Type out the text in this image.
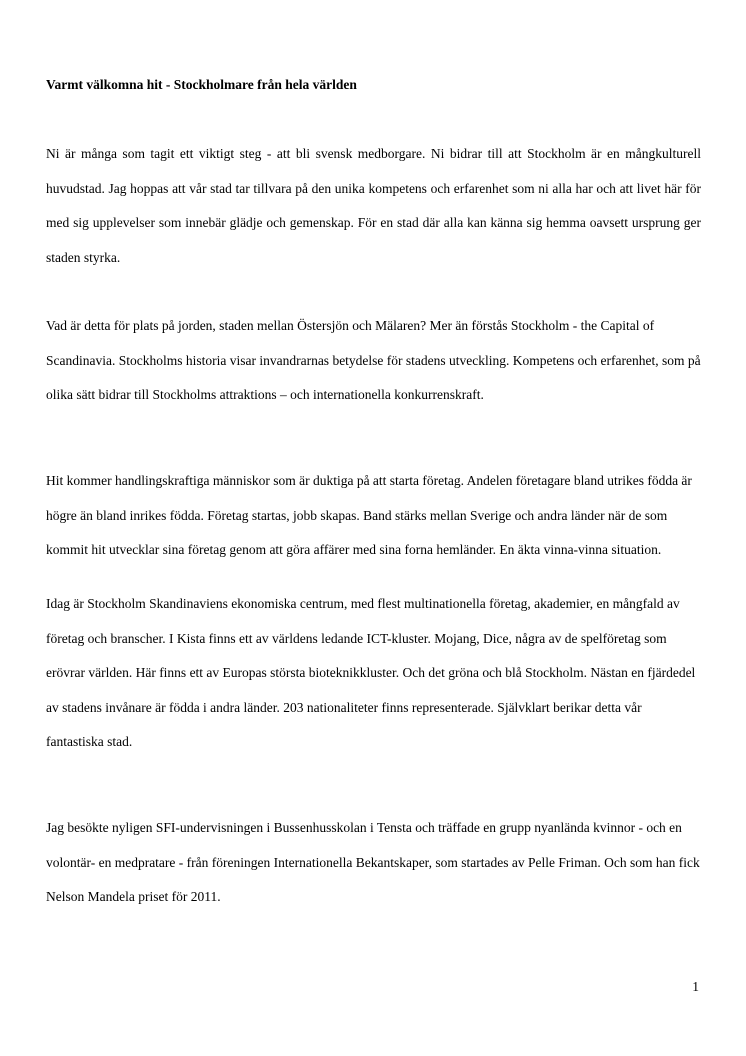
Varmt välkomna hit - Stockholmare från hela världen

Ni är många som tagit ett viktigt steg - att bli svensk medborgare. Ni bidrar till att Stockholm är en mångkulturell huvudstad. Jag hoppas att vår stad tar tillvara på den unika kompetens och erfarenhet som ni alla har och att livet här för med sig upplevelser som innebär glädje och gemenskap. För en stad där alla kan känna sig hemma oavsett ursprung ger staden styrka.

Vad är detta för plats på jorden, staden mellan Östersjön och Mälaren? Mer än förstås Stockholm - the Capital of Scandinavia. Stockholms historia visar invandrarnas betydelse för stadens utveckling. Kompetens och erfarenhet, som på olika sätt bidrar till Stockholms attraktions – och internationella konkurrenskraft.

Hit kommer handlingskraftiga människor som är duktiga på att starta företag. Andelen företagare bland utrikes födda är högre än bland inrikes födda. Företag startas, jobb skapas. Band stärks mellan Sverige och andra länder när de som kommit hit utvecklar sina företag genom att göra affärer med sina forna hemländer. En äkta vinna-vinna situation.

Idag är Stockholm Skandinaviens ekonomiska centrum, med flest multinationella företag, akademier, en mångfald av företag och branscher. I Kista finns ett av världens ledande ICT-kluster. Mojang, Dice, några av de spelföretag som erövrar världen. Här finns ett av Europas största bioteknikkluster. Och det gröna och blå Stockholm. Nästan en fjärdedel av stadens invånare är födda i andra länder. 203 nationaliteter finns representerade. Självklart berikar detta vår fantastiska stad.

Jag besökte nyligen SFI-undervisningen i Bussenhusskolan i Tensta och träffade en grupp nyanlända kvinnor - och en volontär- en medpratare - från föreningen Internationella Bekantskaper, som startades av Pelle Friman. Och som han fick Nelson Mandela priset för 2011.

1
